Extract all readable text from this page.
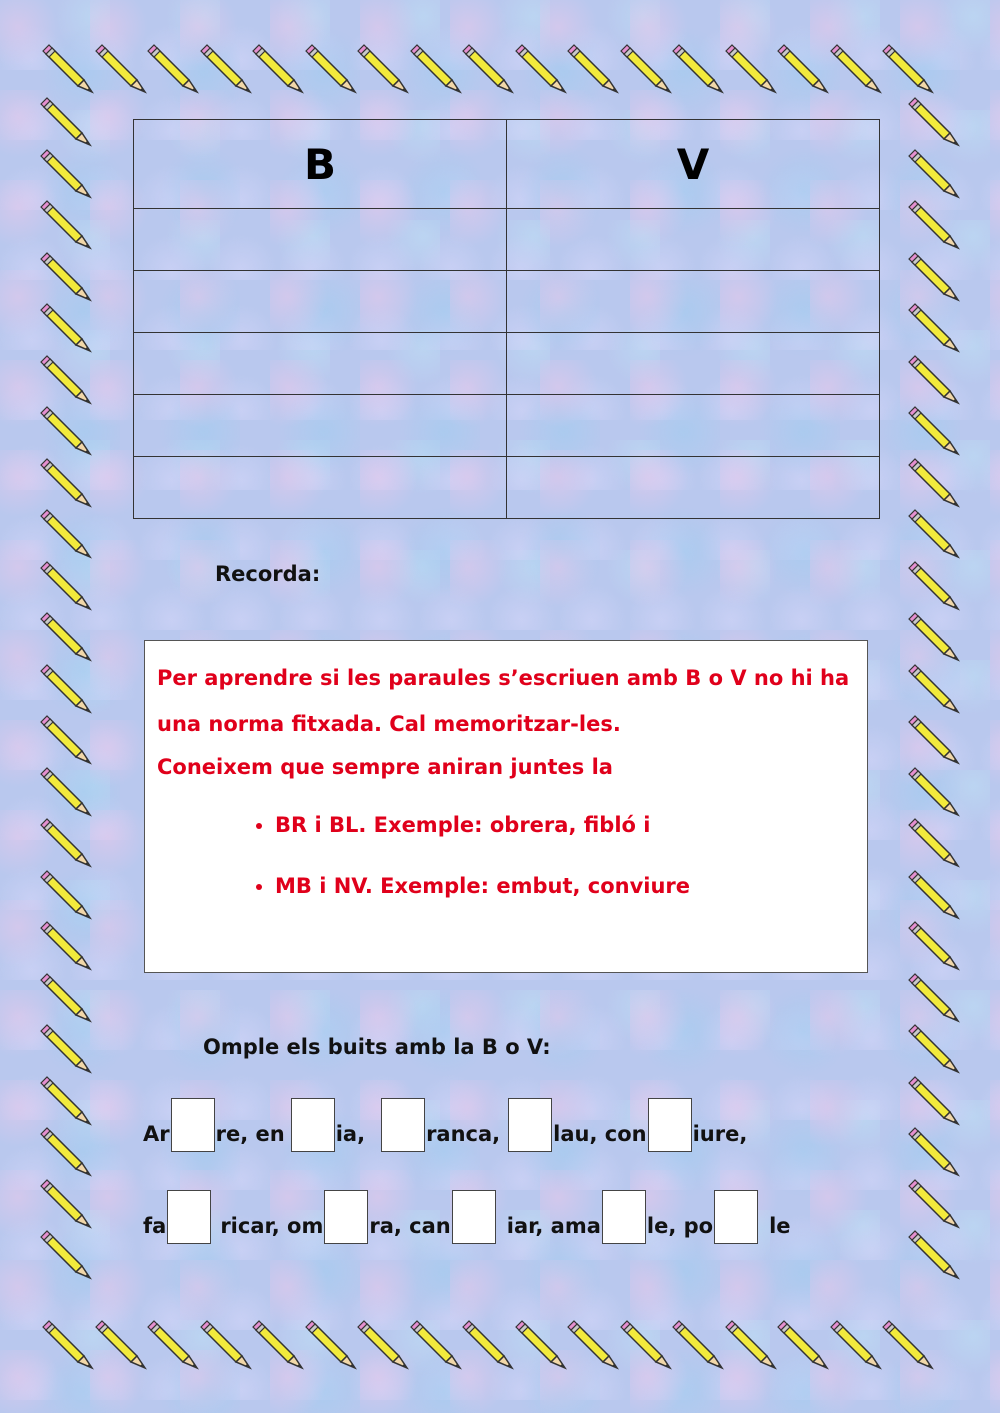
B	V

Recorda:
Per aprendre si les paraules s’escriuen amb B o V no hi ha una norma fitxada. Cal memoritzar-les.
Coneixem que sempre aniran juntes la
• BR i BL. Exemple: obrera, fibló i
• MB i NV. Exemple: embut, conviure
Omple els buits amb la B o V:
Ar re, en ia,	ranca,	lau, con iure,
fa	ricar, om ra, can	iar, ama le, po	le
